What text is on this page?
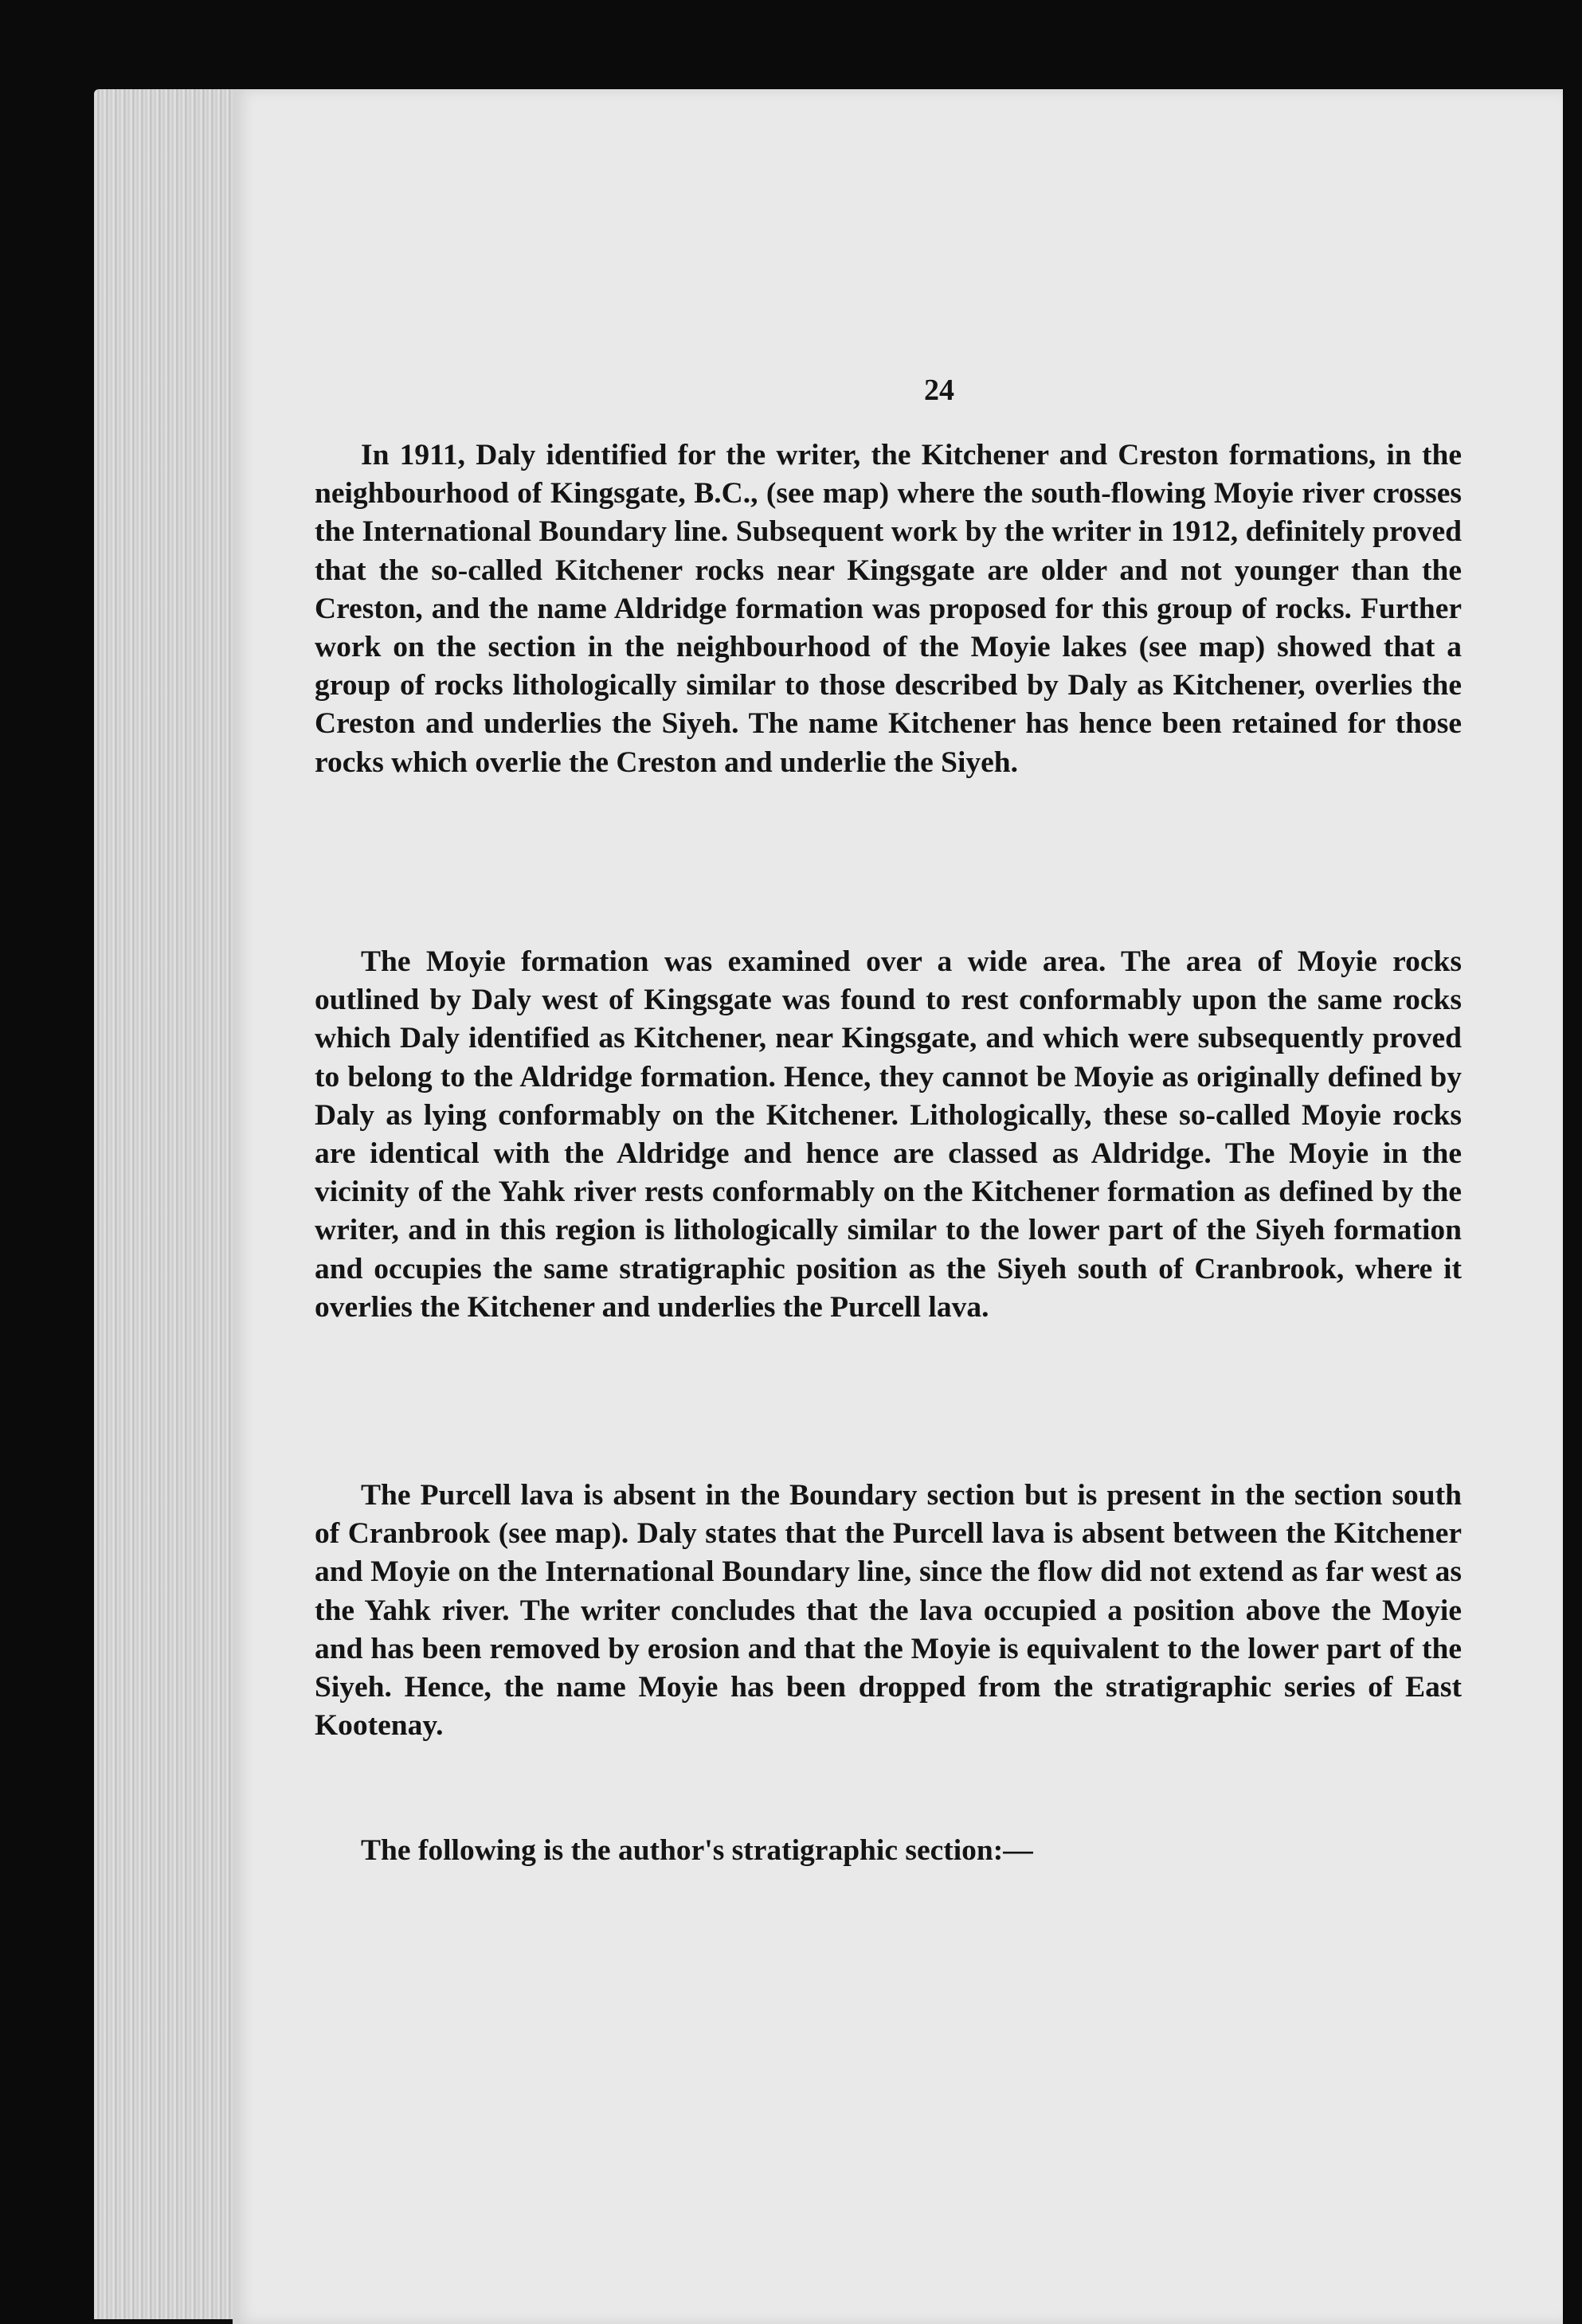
24

In 1911, Daly identified for the writer, the Kitchener and Creston formations, in the neighbourhood of Kingsgate, B.C., (see map) where the south-flowing Moyie river crosses the International Boundary line. Subsequent work by the writer in 1912, definitely proved that the so-called Kitchener rocks near Kingsgate are older and not younger than the Creston, and the name Aldridge formation was proposed for this group of rocks. Further work on the section in the neighbourhood of the Moyie lakes (see map) showed that a group of rocks lithologically similar to those described by Daly as Kitchener, overlies the Creston and underlies the Siyeh. The name Kitchener has hence been retained for those rocks which overlie the Creston and underlie the Siyeh.

The Moyie formation was examined over a wide area. The area of Moyie rocks outlined by Daly west of Kingsgate was found to rest conformably upon the same rocks which Daly identified as Kitchener, near Kingsgate, and which were subsequently proved to belong to the Aldridge formation. Hence, they cannot be Moyie as originally defined by Daly as lying conformably on the Kitchener. Lithologically, these so-called Moyie rocks are identical with the Aldridge and hence are classed as Aldridge. The Moyie in the vicinity of the Yahk river rests conformably on the Kitchener formation as defined by the writer, and in this region is lithologically similar to the lower part of the Siyeh formation and occupies the same stratigraphic position as the Siyeh south of Cranbrook, where it overlies the Kitchener and underlies the Purcell lava.

The Purcell lava is absent in the Boundary section but is present in the section south of Cranbrook (see map). Daly states that the Purcell lava is absent between the Kitchener and Moyie on the International Boundary line, since the flow did not extend as far west as the Yahk river. The writer concludes that the lava occupied a position above the Moyie and has been removed by erosion and that the Moyie is equivalent to the lower part of the Siyeh. Hence, the name Moyie has been dropped from the stratigraphic series of East Kootenay.

The following is the author's stratigraphic section:—
